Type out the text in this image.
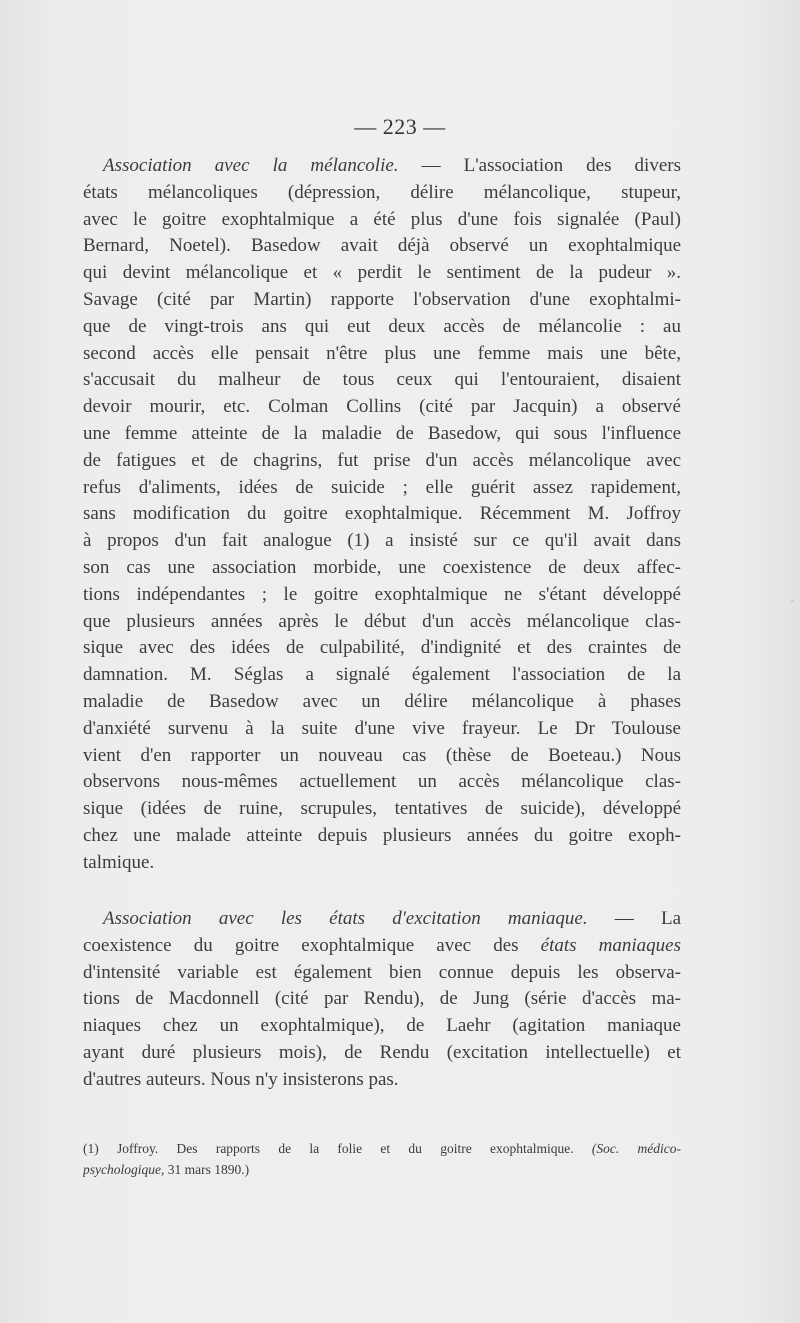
— 223 —
Association avec la mélancolie. — L'association des divers
états mélancoliques (dépression, délire mélancolique, stupeur,
avec le goitre exophtalmique a été plus d'une fois signalée (Paul)
Bernard, Noetel). Basedow avait déjà observé un exophtalmique
qui devint mélancolique et « perdit le sentiment de la pudeur ».
Savage (cité par Martin) rapporte l'observation d'une exophtalmi-
que de vingt-trois ans qui eut deux accès de mélancolie : au
second accès elle pensait n'être plus une femme mais une bête,
s'accusait du malheur de tous ceux qui l'entouraient, disaient
devoir mourir, etc. Colman Collins (cité par Jacquin) a observé
une femme atteinte de la maladie de Basedow, qui sous l'influence
de fatigues et de chagrins, fut prise d'un accès mélancolique avec
refus d'aliments, idées de suicide ; elle guérit assez rapidement,
sans modification du goitre exophtalmique. Récemment M. Joffroy
à propos d'un fait analogue (1) a insisté sur ce qu'il avait dans
son cas une association morbide, une coexistence de deux affec-
tions indépendantes ; le goitre exophtalmique ne s'étant développé
que plusieurs années après le début d'un accès mélancolique clas-
sique avec des idées de culpabilité, d'indignité et des craintes de
damnation. M. Séglas a signalé également l'association de la
maladie de Basedow avec un délire mélancolique à phases
d'anxiété survenu à la suite d'une vive frayeur. Le Dr Toulouse
vient d'en rapporter un nouveau cas (thèse de Boeteau.) Nous
observons nous-mêmes actuellement un accès mélancolique clas-
sique (idées de ruine, scrupules, tentatives de suicide), développé
chez une malade atteinte depuis plusieurs années du goitre exoph-
talmique.
Association avec les états d'excitation maniaque. — La
coexistence du goitre exophtalmique avec des états maniaques
d'intensité variable est également bien connue depuis les observa-
tions de Macdonnell (cité par Rendu), de Jung (série d'accès ma-
niaques chez un exophtalmique), de Laehr (agitation maniaque
ayant duré plusieurs mois), de Rendu (excitation intellectuelle) et
d'autres auteurs. Nous n'y insisterons pas.
(1) Joffroy. Des rapports de la folie et du goitre exophtalmique. (Soc. médico-
psychologique, 31 mars 1890.)
